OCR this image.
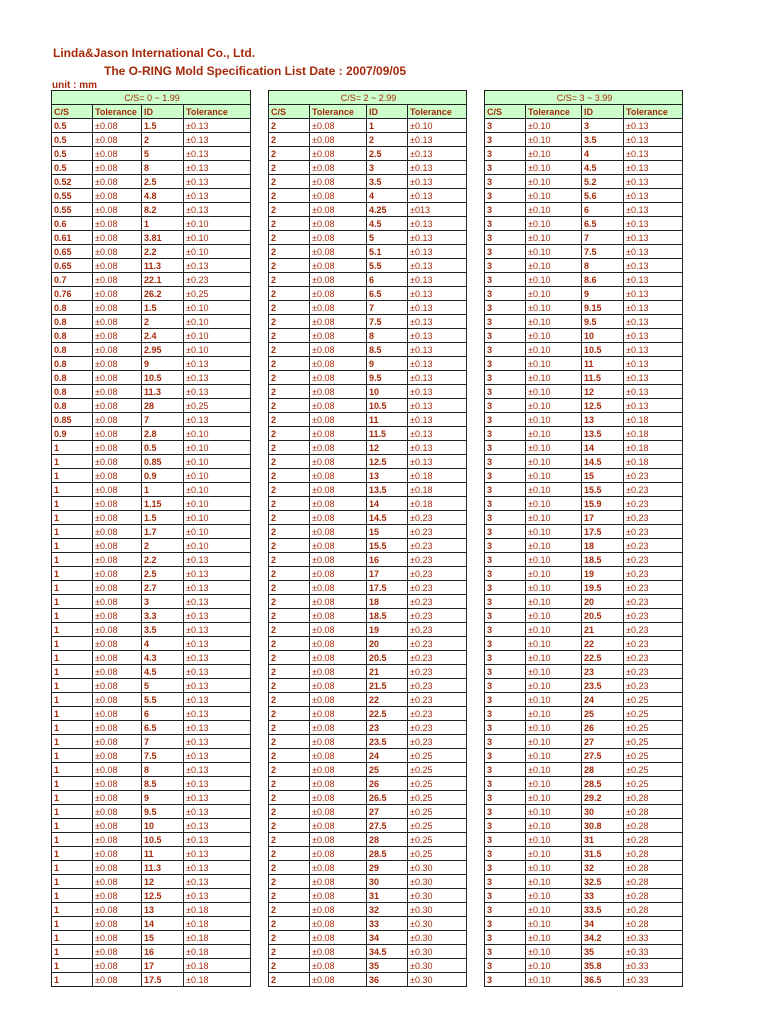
Linda&Jason International Co., Ltd.
The O-RING Mold Specification List Date : 2007/09/05
unit : mm
C/S= 0 ~ 1.99			
C/S	Tolerance	ID	Tolerance
0.5	±0.08	1.5	±0.13
0.5	±0.08	2	±0.13
0.5	±0.08	5	±0.13
0.5	±0.08	8	±0.13
0.52	±0.08	2.5	±0.13
0.55	±0.08	4.8	±0.13
0.55	±0.08	8.2	±0.13
0.6	±0.08	1	±0.10
0.61	±0.08	3.81	±0.10
0.65	±0.08	2.2	±0.10
0.65	±0.08	11.3	±0.13
0.7	±0.08	22.1	±0.23
0.76	±0.08	26.2	±0.25
0.8	±0.08	1.5	±0.10
0.8	±0.08	2	±0.10
0.8	±0.08	2.4	±0.10
0.8	±0.08	2.95	±0.10
0.8	±0.08	9	±0.13
0.8	±0.08	10.5	±0.13
0.8	±0.08	11.3	±0.13
0.8	±0.08	28	±0.25
0.85	±0.08	7	±0.13
0.9	±0.08	2.8	±0.10
1	±0.08	0.5	±0.10
1	±0.08	0.85	±0.10
1	±0.08	0.9	±0.10
1	±0.08	1	±0.10
1	±0.08	1.15	±0.10
1	±0.08	1.5	±0.10
1	±0.08	1.7	±0.10
1	±0.08	2	±0.10
1	±0.08	2.2	±0.13
1	±0.08	2.5	±0.13
1	±0.08	2.7	±0.13
1	±0.08	3	±0.13
1	±0.08	3.3	±0.13
1	±0.08	3.5	±0.13
1	±0.08	4	±0.13
1	±0.08	4.3	±0.13
1	±0.08	4.5	±0.13
1	±0.08	5	±0.13
1	±0.08	5.5	±0.13
1	±0.08	6	±0.13
1	±0.08	6.5	±0.13
1	±0.08	7	±0.13
1	±0.08	7.5	±0.13
1	±0.08	8	±0.13
1	±0.08	8.5	±0.13
1	±0.08	9	±0.13
1	±0.08	9.5	±0.13
1	±0.08	10	±0.13
1	±0.08	10.5	±0.13
1	±0.08	11	±0.13
1	±0.08	11.3	±0.13
1	±0.08	12	±0.13
1	±0.08	12.5	±0.13
1	±0.08	13	±0.18
1	±0.08	14	±0.18
1	±0.08	15	±0.18
1	±0.08	16	±0.18
1	±0.08	17	±0.18
1	±0.08	17.5	±0.18
C/S= 2 ~ 2.99			
C/S	Tolerance	ID	Tolerance
2	±0.08	1	±0.10
2	±0.08	2	±0.13
2	±0.08	2.5	±0.13
2	±0.08	3	±0.13
2	±0.08	3.5	±0.13
2	±0.08	4	±0.13
2	±0.08	4.25	±013
2	±0.08	4.5	±0.13
2	±0.08	5	±0.13
2	±0.08	5.1	±0.13
2	±0.08	5.5	±0.13
2	±0.08	6	±0.13
2	±0.08	6.5	±0.13
2	±0.08	7	±0.13
2	±0.08	7.5	±0.13
2	±0.08	8	±0.13
2	±0.08	8.5	±0.13
2	±0.08	9	±0.13
2	±0.08	9.5	±0.13
2	±0.08	10	±0.13
2	±0.08	10.5	±0.13
2	±0.08	11	±0.13
2	±0.08	11.5	±0.13
2	±0.08	12	±0.13
2	±0.08	12.5	±0.13
2	±0.08	13	±0.18
2	±0.08	13.5	±0.18
2	±0.08	14	±0.18
2	±0.08	14.5	±0.23
2	±0.08	15	±0.23
2	±0.08	15.5	±0.23
2	±0.08	16	±0.23
2	±0.08	17	±0.23
2	±0.08	17.5	±0.23
2	±0.08	18	±0.23
2	±0.08	18.5	±0.23
2	±0.08	19	±0.23
2	±0.08	20	±0.23
2	±0.08	20.5	±0.23
2	±0.08	21	±0.23
2	±0.08	21.5	±0.23
2	±0.08	22	±0.23
2	±0.08	22.5	±0.23
2	±0.08	23	±0.23
2	±0.08	23.5	±0.23
2	±0.08	24	±0.25
2	±0.08	25	±0.25
2	±0.08	26	±0.25
2	±0.08	26.5	±0.25
2	±0.08	27	±0.25
2	±0.08	27.5	±0.25
2	±0.08	28	±0.25
2	±0.08	28.5	±0.25
2	±0.08	29	±0.30
2	±0.08	30	±0.30
2	±0.08	31	±0.30
2	±0.08	32	±0.30
2	±0.08	33	±0.30
2	±0.08	34	±0.30
2	±0.08	34.5	±0.30
2	±0.08	35	±0.30
2	±0.08	36	±0.30
C/S= 3 ~ 3.99			
C/S	Tolerance	ID	Tolerance
3	±0.10	3	±0.13
3	±0.10	3.5	±0.13
3	±0.10	4	±0.13
3	±0.10	4.5	±0.13
3	±0.10	5.2	±0.13
3	±0.10	5.6	±0.13
3	±0.10	6	±0.13
3	±0.10	6.5	±0.13
3	±0.10	7	±0.13
3	±0.10	7.5	±0.13
3	±0.10	8	±0.13
3	±0.10	8.6	±0.13
3	±0.10	9	±0.13
3	±0.10	9.15	±0.13
3	±0.10	9.5	±0.13
3	±0.10	10	±0.13
3	±0.10	10.5	±0.13
3	±0.10	11	±0.13
3	±0.10	11.5	±0.13
3	±0.10	12	±0.13
3	±0.10	12.5	±0.13
3	±0.10	13	±0.18
3	±0.10	13.5	±0.18
3	±0.10	14	±0.18
3	±0.10	14.5	±0.18
3	±0.10	15	±0.23
3	±0.10	15.5	±0.23
3	±0.10	15.9	±0.23
3	±0.10	17	±0.23
3	±0.10	17.5	±0.23
3	±0.10	18	±0.23
3	±0.10	18.5	±0.23
3	±0.10	19	±0.23
3	±0.10	19.5	±0.23
3	±0.10	20	±0.23
3	±0.10	20.5	±0.23
3	±0.10	21	±0.23
3	±0.10	22	±0.23
3	±0.10	22.5	±0.23
3	±0.10	23	±0.23
3	±0.10	23.5	±0.23
3	±0.10	24	±0.25
3	±0.10	25	±0.25
3	±0.10	26	±0.25
3	±0.10	27	±0.25
3	±0.10	27.5	±0.25
3	±0.10	28	±0.25
3	±0.10	28.5	±0.25
3	±0.10	29.2	±0.28
3	±0.10	30	±0.28
3	±0.10	30.8	±0.28
3	±0.10	31	±0.28
3	±0.10	31.5	±0.28
3	±0.10	32	±0.28
3	±0.10	32.5	±0.28
3	±0.10	33	±0.28
3	±0.10	33.5	±0.28
3	±0.10	34	±0.28
3	±0.10	34.2	±0.33
3	±0.10	35	±0.33
3	±0.10	35.8	±0.33
3	±0.10	36.5	±0.33
